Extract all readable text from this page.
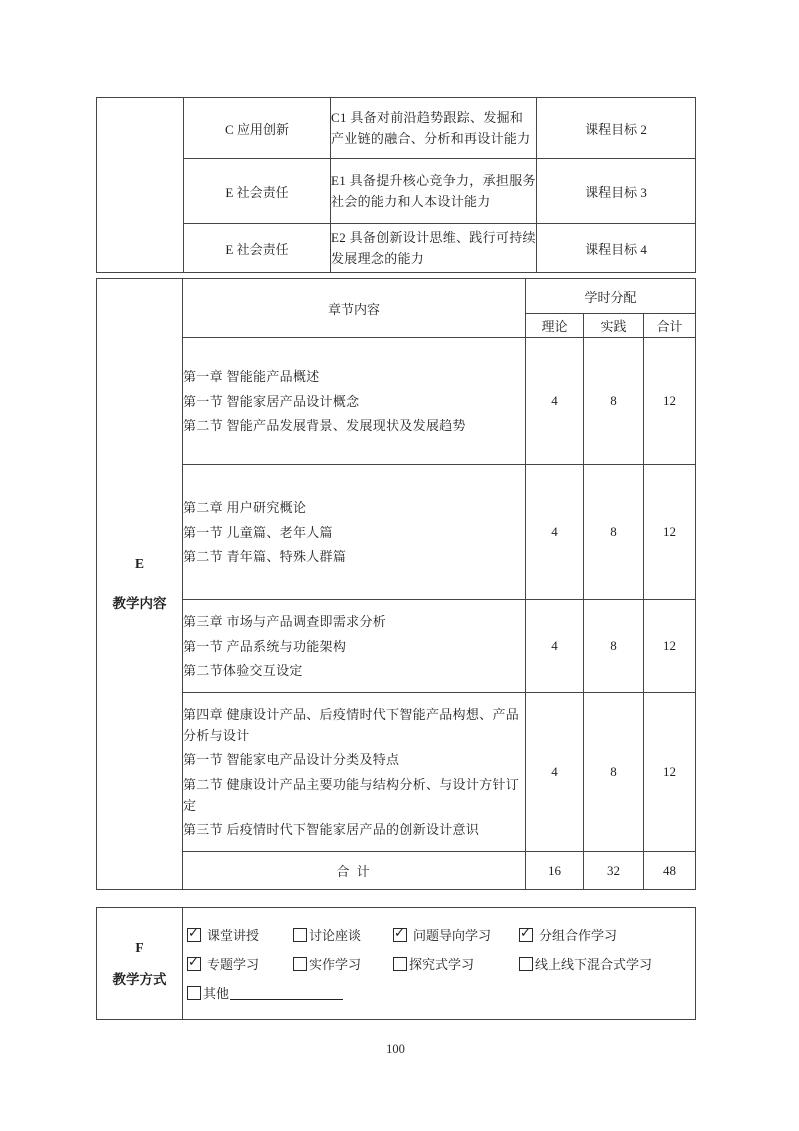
	C 应用创新	C1 具备对前沿趋势跟踪、发掘和产业链的融合、分析和再设计能力	课程目标 2
	E 社会责任	E1 具备提升核心竞争力，承担服务社会的能力和人本设计能力	课程目标 3
	E 社会责任	E2 具备创新设计思维、践行可持续发展理念的能力	课程目标 4
E
教学内容	章节内容	学时分配		
		理论	实践	合计

	第一章 智能能产品概述
第一节 智能家居产品设计概念
第二节 智能产品发展背景、发展现状及发展趋势	4	8	12

	第二章 用户研究概论
第一节 儿童篇、老年人篇
第二节 青年篇、特殊人群篇	4	8	12

	第三章 市场与产品调查即需求分析
第一节 产品系统与功能架构
第二节体验交互设定	4	8	12

	第四章 健康设计产品、后疫情时代下智能产品构想、产品分析与设计
第一节 智能家电产品设计分类及特点
第二节 健康设计产品主要功能与结构分析、与设计方针订定
第三节 后疫情时代下智能家居产品的创新设计意识	4	8	12
	合 计	16	32	48
F
教学方式

✓
课堂讲授	讨论座谈 ✓	问题导向学习 ✓	分组合作学习
✓
专题学习	实作学习	探究式学习	线上线下混合式学习
其他
100
